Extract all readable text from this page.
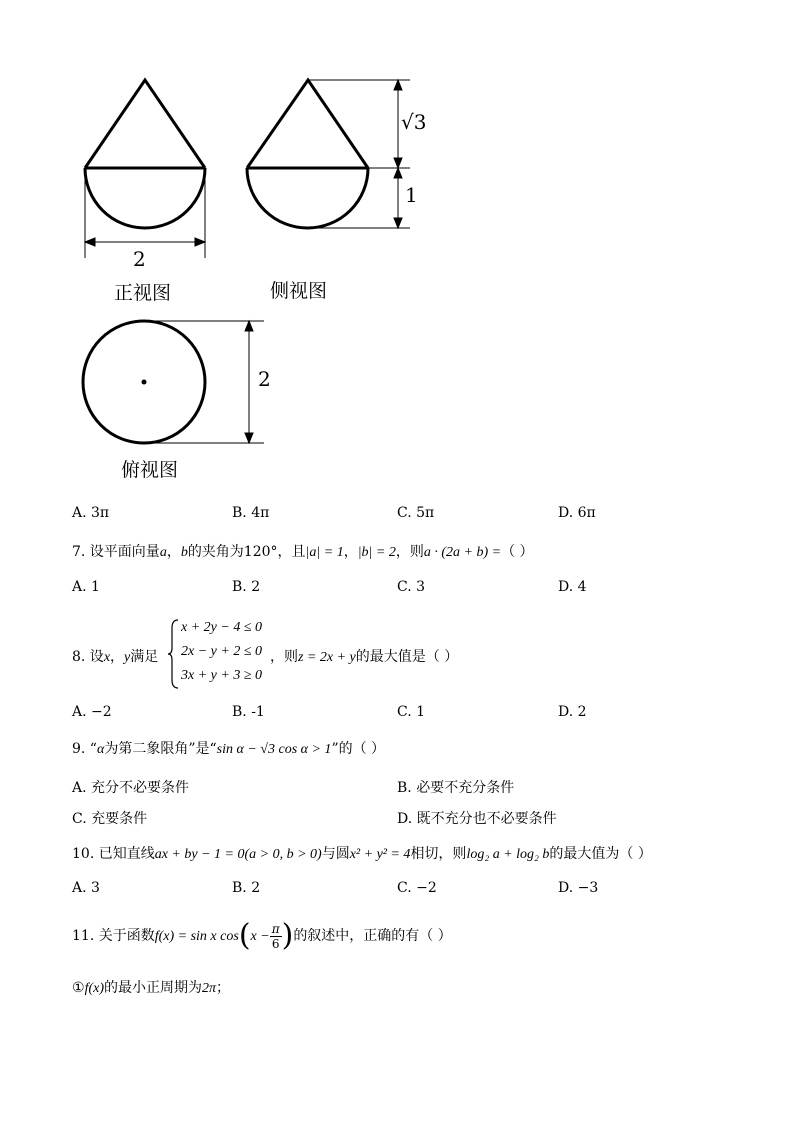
2
√3
1
2
正视图	侧视图
俯视图
A. 3π	B. 4π	C. 5π	D. 6π
7. 设平面向量a，b的夹角为120°，且|a| = 1，|b| = 2，则a · (2a + b) =（ ）
A. 1	B. 2	C. 3	D. 4
8. 设x，y满足
x + 2y − 4 ≤ 0
2x − y + 2 ≤ 0
3x + y + 3 ≥ 0
，则z = 2x + y的最大值是（ ）
A. −2	B. -1	C. 1	D. 2
9. “α为第二象限角”是“sin α − √3 cos α > 1”的（ ）
A. 充分不必要条件	B. 必要不充分条件
C. 充要条件	D. 既不充分也不必要条件
10. 已知直线ax + by − 1 = 0(a > 0, b > 0)与圆x² + y² = 4相切，则log₂ a + log₂ b的最大值为（ ）
A. 3	B. 2	C. −2	D. −3
11. 关于函数f(x) = sin x $\cos(x - \frac{\pi}{6}$ )的叙述中，正确的有（ ）
①f(x)的最小正周期为2π；
